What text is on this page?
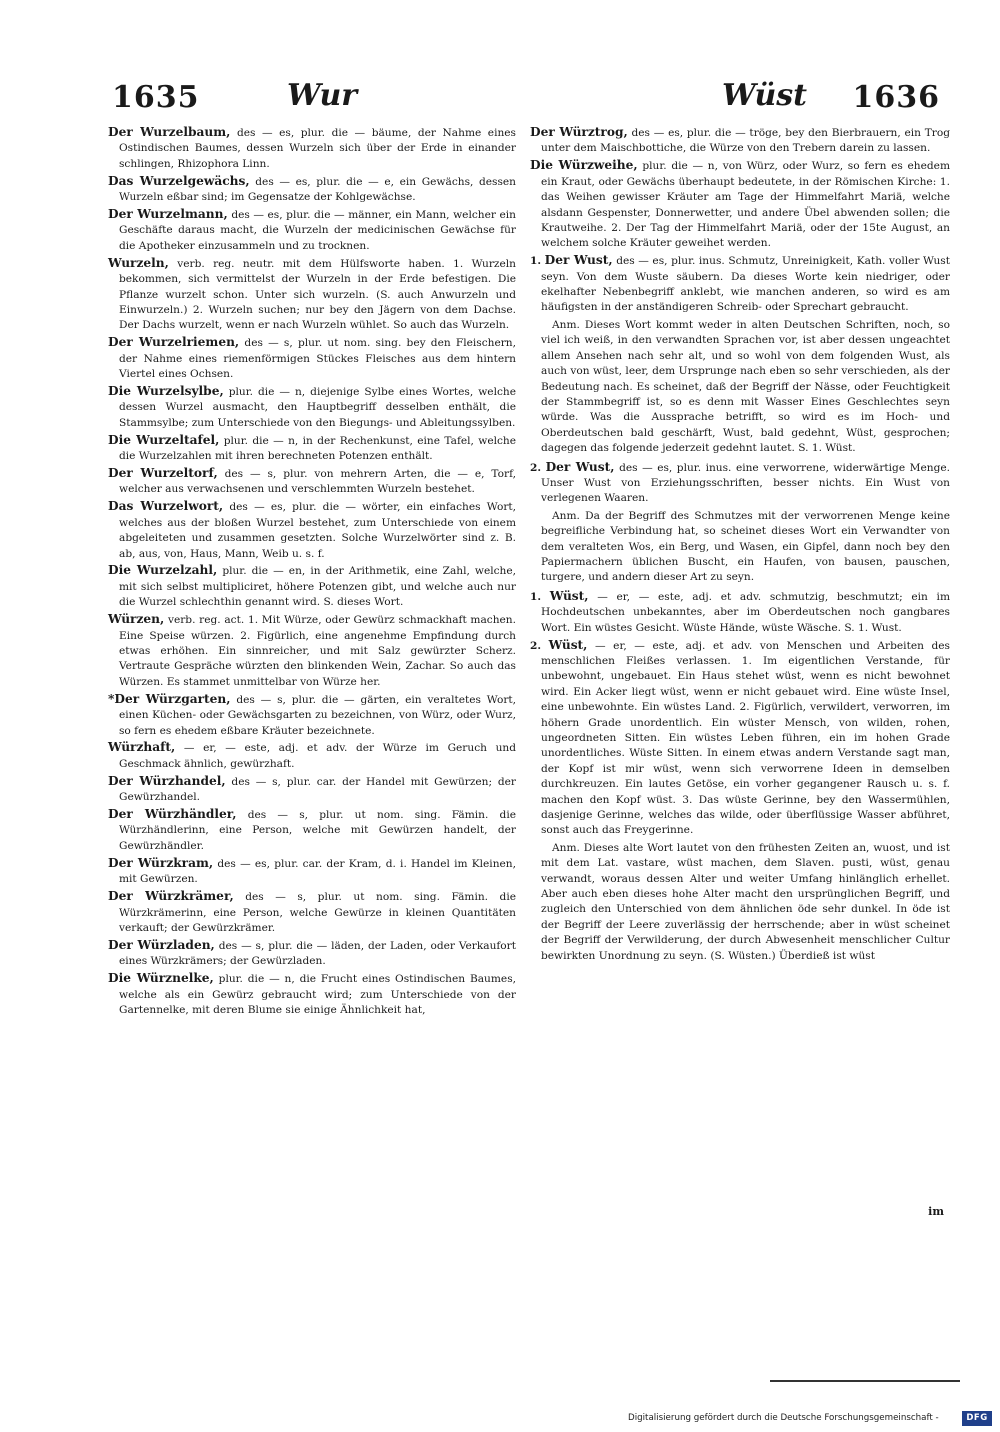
1635	Wur	Wüst 1636

Der Wurzelbaum, des — es, plur. die — bäume, der Nahme eines Ostindischen Baumes, dessen Wurzeln sich über der Erde in einander schlingen, Rhizophora Linn.

Das Wurzelgewächs, des — es, plur. die — e, ein Gewächs, dessen Wurzeln eßbar sind; im Gegensatze der Kohlgewächse.

Der Wurzelmann, des — es, plur. die — männer, ein Mann, welcher ein Geschäfte daraus macht, die Wurzeln der medicinischen Gewächse für die Apotheker einzusammeln und zu trocknen.

Wurzeln, verb. reg. neutr. mit dem Hülfsworte haben. 1. Wurzeln bekommen, sich vermittelst der Wurzeln in der Erde befestigen. Die Pflanze wurzelt schon. Unter sich wurzeln. (S. auch Anwurzeln und Einwurzeln.) 2. Wurzeln suchen; nur bey den Jägern von dem Dachse. Der Dachs wurzelt, wenn er nach Wurzeln wühlet. So auch das Wurzeln.

Der Wurzelriemen, des — s, plur. ut nom. sing. bey den Fleischern, der Nahme eines riemenförmigen Stückes Fleisches aus dem hintern Viertel eines Ochsen.

Die Wurzelsylbe, plur. die — n, diejenige Sylbe eines Wortes, welche dessen Wurzel ausmacht, den Hauptbegriff desselben enthält, die Stammsylbe; zum Unterschiede von den Biegungs- und Ableitungssylben.

Die Wurzeltafel, plur. die — n, in der Rechenkunst, eine Tafel, welche die Wurzelzahlen mit ihren berechneten Potenzen enthält.

Der Wurzeltorf, des — s, plur. von mehrern Arten, die — e, Torf, welcher aus verwachsenen und verschlemmten Wurzeln bestehet.

Das Wurzelwort, des — es, plur. die — wörter, ein einfaches Wort, welches aus der bloßen Wurzel bestehet, zum Unterschiede von einem abgeleiteten und zusammen gesetzten. Solche Wurzelwörter sind z. B. ab, aus, von, Haus, Mann, Weib u. s. f.

Die Wurzelzahl, plur. die — en, in der Arithmetik, eine Zahl, welche, mit sich selbst multipliciret, höhere Potenzen gibt, und welche auch nur die Wurzel schlechthin genannt wird. S. dieses Wort.

Würzen, verb. reg. act. 1. Mit Würze, oder Gewürz schmackhaft machen. Eine Speise würzen. 2. Figürlich, eine angenehme Empfindung durch etwas erhöhen. Ein sinnreicher, und mit Salz gewürzter Scherz. Vertraute Gespräche würzten den blinkenden Wein, Zachar. So auch das Würzen. Es stammet unmittelbar von Würze her.

*Der Würzgarten, des — s, plur. die — gärten, ein veraltetes Wort, einen Küchen- oder Gewächsgarten zu bezeichnen, von Würz, oder Wurz, so fern es ehedem eßbare Kräuter bezeichnete.

Würzhaft, — er, — este, adj. et adv. der Würze im Geruch und Geschmack ähnlich, gewürzhaft.

Der Würzhandel, des — s, plur. car. der Handel mit Gewürzen; der Gewürzhandel.

Der Würzhändler, des — s, plur. ut nom. sing. Fämin. die Würzhändlerinn, eine Person, welche mit Gewürzen handelt, der Gewürzhändler.

Der Würzkram, des — es, plur. car. der Kram, d. i. Handel im Kleinen, mit Gewürzen.

Der Würzkrämer, des — s, plur. ut nom. sing. Fämin. die Würzkrämerinn, eine Person, welche Gewürze in kleinen Quantitäten verkauft; der Gewürzkrämer.

Der Würzladen, des — s, plur. die — läden, der Laden, oder Verkaufort eines Würzkrämers; der Gewürzladen.

Die Würznelke, plur. die — n, die Frucht eines Ostindischen Baumes, welche als ein Gewürz gebraucht wird; zum Unterschiede von der Gartennelke, mit deren Blume sie einige Ähnlichkeit hat,

Der Würztrog, des — es, plur. die — tröge, bey den Bierbrauern, ein Trog unter dem Maischbottiche, die Würze von den Trebern darein zu lassen.

Die Würzweihe, plur. die — n, von Würz, oder Wurz, so fern es ehedem ein Kraut, oder Gewächs überhaupt bedeutete, in der Römischen Kirche: 1. das Weihen gewisser Kräuter am Tage der Himmelfahrt Mariä, welche alsdann Gespenster, Donnerwetter, und andere Übel abwenden sollen; die Krautweihe. 2. Der Tag der Himmelfahrt Mariä, oder der 15te August, an welchem solche Kräuter geweihet werden.

1. Der Wust, des — es, plur. inus. Schmutz, Unreinigkeit, Kath. voller Wust seyn. Von dem Wuste säubern. Da dieses Worte kein niedriger, oder ekelhafter Nebenbegriff anklebt, wie manchen anderen, so wird es am häufigsten in der anständigeren Schreib- oder Sprechart gebraucht.

Anm. Dieses Wort kommt weder in alten Deutschen Schriften, noch, so viel ich weiß, in den verwandten Sprachen vor, ist aber dessen ungeachtet allem Ansehen nach sehr alt, und so wohl von dem folgenden Wust, als auch von wüst, leer, dem Ursprunge nach eben so sehr verschieden, als der Bedeutung nach. Es scheinet, daß der Begriff der Nässe, oder Feuchtigkeit der Stammbegriff ist, so es denn mit Wasser Eines Geschlechtes seyn würde. Was die Aussprache betrifft, so wird es im Hoch- und Oberdeutschen bald geschärft, Wust, bald gedehnt, Wüst, gesprochen; dagegen das folgende jederzeit gedehnt lautet. S. 1. Wüst.

2. Der Wust, des — es, plur. inus. eine verworrene, widerwärtige Menge. Unser Wust von Erziehungsschriften, besser nichts. Ein Wust von verlegenen Waaren.

Anm. Da der Begriff des Schmutzes mit der verworrenen Menge keine begreifliche Verbindung hat, so scheinet dieses Wort ein Verwandter von dem veralteten Wos, ein Berg, und Wasen, ein Gipfel, dann noch bey den Papiermachern üblichen Buscht, ein Haufen, von bausen, pauschen, turgere, und andern dieser Art zu seyn.

1. Wüst, — er, — este, adj. et adv. schmutzig, beschmutzt; ein im Hochdeutschen unbekanntes, aber im Oberdeutschen noch gangbares Wort. Ein wüstes Gesicht. Wüste Hände, wüste Wäsche. S. 1. Wust.

2. Wüst, — er, — este, adj. et adv. von Menschen und Arbeiten des menschlichen Fleißes verlassen. 1. Im eigentlichen Verstande, für unbewohnt, ungebauet. Ein Haus stehet wüst, wenn es nicht bewohnet wird. Ein Acker liegt wüst, wenn er nicht gebauet wird. Eine wüste Insel, eine unbewohnte. Ein wüstes Land. 2. Figürlich, verwildert, verworren, im höhern Grade unordentlich. Ein wüster Mensch, von wilden, rohen, ungeordneten Sitten. Ein wüstes Leben führen, ein im hohen Grade unordentliches. Wüste Sitten. In einem etwas andern Verstande sagt man, der Kopf ist mir wüst, wenn sich verworrene Ideen in demselben durchkreuzen. Ein lautes Getöse, ein vorher gegangener Rausch u. s. f. machen den Kopf wüst. 3. Das wüste Gerinne, bey den Wassermühlen, dasjenige Gerinne, welches das wilde, oder überflüssige Wasser abführet, sonst auch das Freygerinne.

Anm. Dieses alte Wort lautet von den frühesten Zeiten an, wuost, und ist mit dem Lat. vastare, wüst machen, dem Slaven. pusti, wüst, genau verwandt, woraus dessen Alter und weiter Umfang hinlänglich erhellet. Aber auch eben dieses hohe Alter macht den ursprünglichen Begriff, und zugleich den Unterschied von dem ähnlichen öde sehr dunkel. In öde ist der Begriff der Leere zuverlässig der herrschende; aber in wüst scheinet der Begriff der Verwilderung, der durch Abwesenheit menschlicher Cultur bewirkten Unordnung zu seyn. (S. Wüsten.) Überdieß ist wüst

im
Digitalisierung gefördert durch die Deutsche Forschungsgemeinschaft -	DFG
